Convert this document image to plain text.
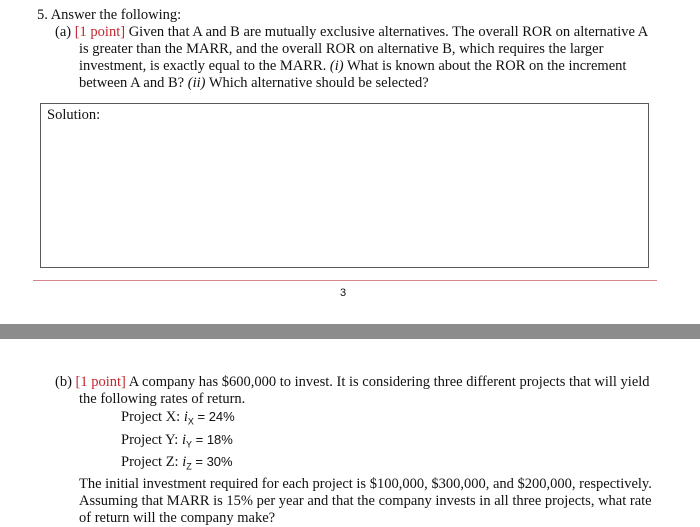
5. Answer the following:
(a) [1 point] Given that A and B are mutually exclusive alternatives. The overall ROR on alternative A
is greater than the MARR, and the overall ROR on alternative B, which requires the larger
investment, is exactly equal to the MARR. (i) What is known about the ROR on the increment
between A and B? (ii) Which alternative should be selected?
Solution:
3
(b) [1 point] A company has $600,000 to invest. It is considering three different projects that will yield
the following rates of return.
Project X: $i_X = 24\%$
Project Y: $i_Y = 18\%$
Project Z: $i_Z = 30\%$
The initial investment required for each project is $100,000, $300,000, and $200,000, respectively.
Assuming that MARR is 15% per year and that the company invests in all three projects, what rate
of return will the company make?
